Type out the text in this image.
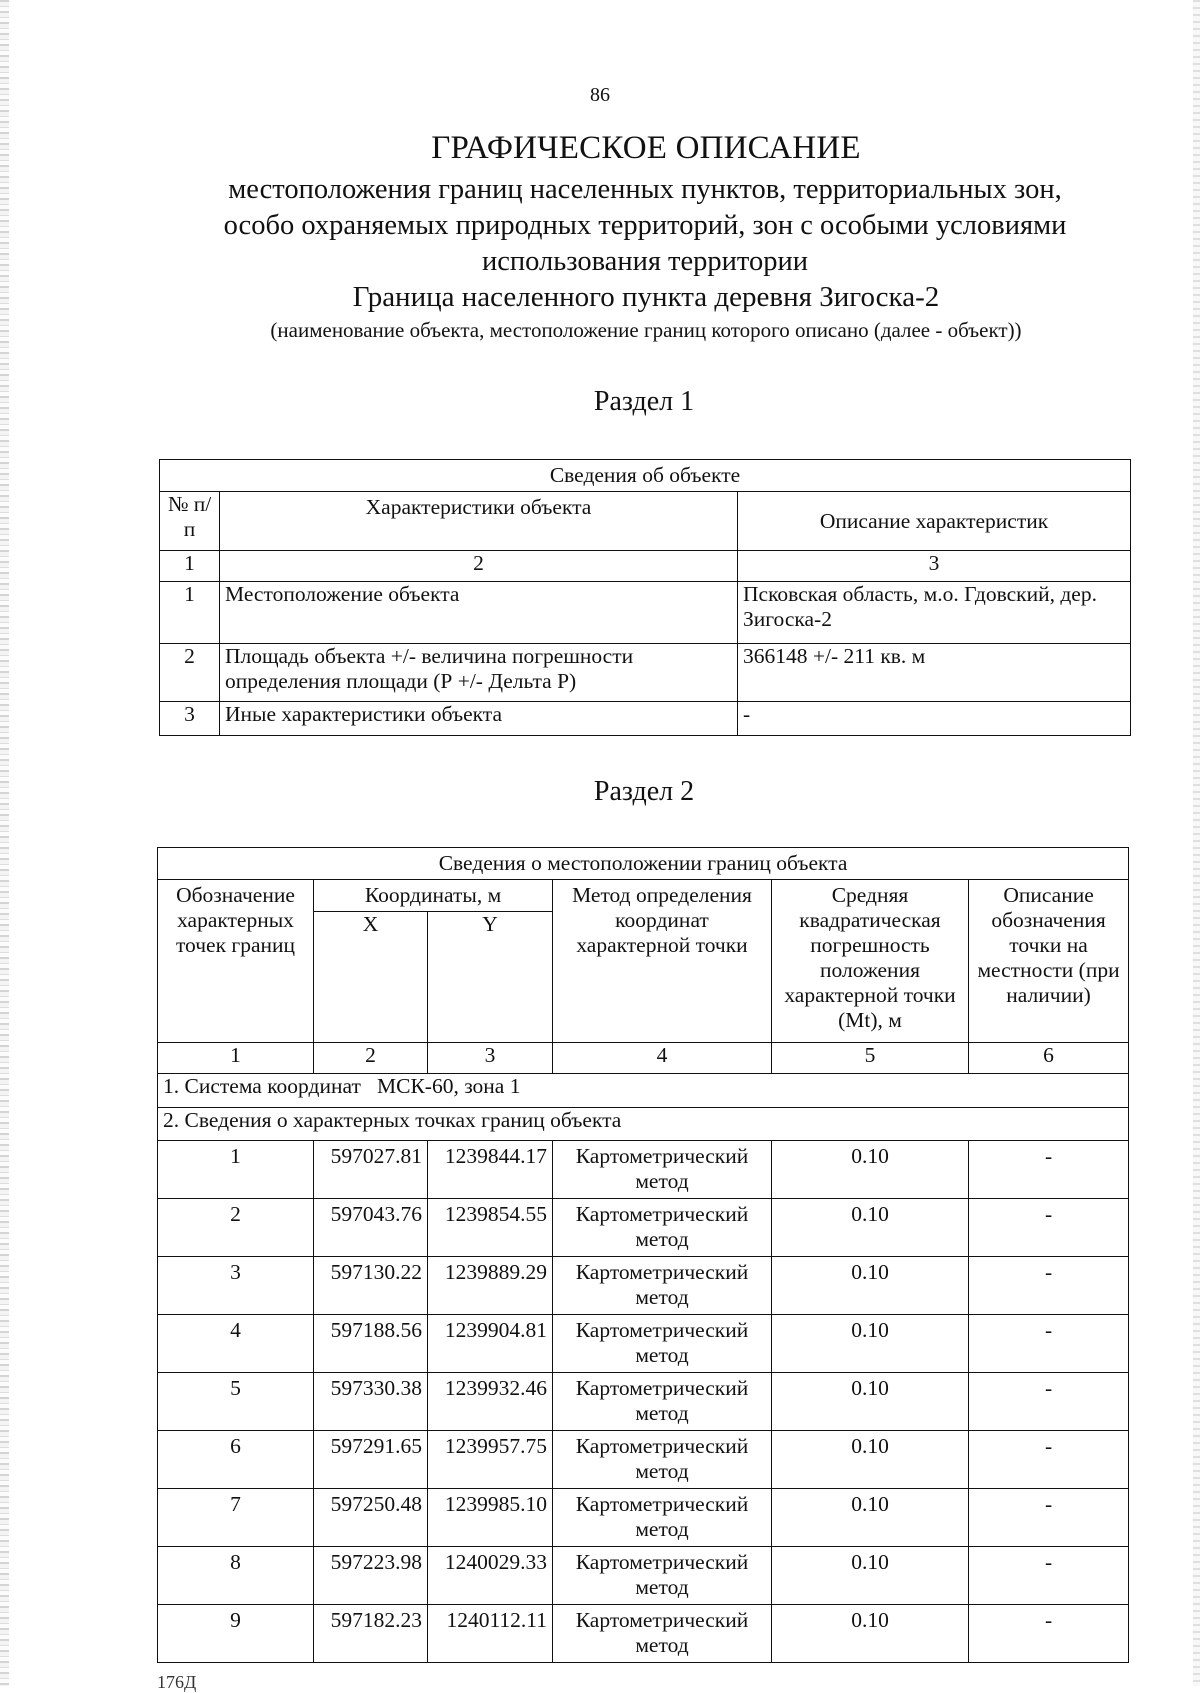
86
ГРАФИЧЕСКОЕ ОПИСАНИЕ
местоположения границ населенных пунктов, территориальных зон,
особо охраняемых природных территорий, зон с особыми условиями
использования территории
Граница населенного пункта деревня Зигоска-2
(наименование объекта, местоположение границ которого описано (далее - объект))
Раздел 1
Сведения об объекте		
№ п/п	Характеристики объекта	Описание характеристик
1	2	3
1	Местоположение объекта	Псковская область, м.о. Гдовский, дер. Зигоска-2
2	Площадь объекта +/- величина погрешности определения площади (Р +/- Дельта Р)	366148 +/- 211 кв. м
3	Иные характеристики объекта	-
Раздел 2
Сведения о местоположении границ объекта					
Обозначение характерных точек границ	Координаты, м		Метод определения координат характерной точки	Средняя квадратическая погрешность положения характерной точки (Mt), м	Описание обозначения точки на местности (при наличии)
	X	Y			
1	2	3	4	5	6
1. Система координат   МСК-60, зона 1					
2. Сведения о характерных точках границ объекта					
1	597027.81	1239844.17	Картометрический метод	0.10	-
2	597043.76	1239854.55	Картометрический метод	0.10	-
3	597130.22	1239889.29	Картометрический метод	0.10	-
4	597188.56	1239904.81	Картометрический метод	0.10	-
5	597330.38	1239932.46	Картометрический метод	0.10	-
6	597291.65	1239957.75	Картометрический метод	0.10	-
7	597250.48	1239985.10	Картометрический метод	0.10	-
8	597223.98	1240029.33	Картометрический метод	0.10	-
9	597182.23	1240112.11	Картометрический метод	0.10	-
176Д
